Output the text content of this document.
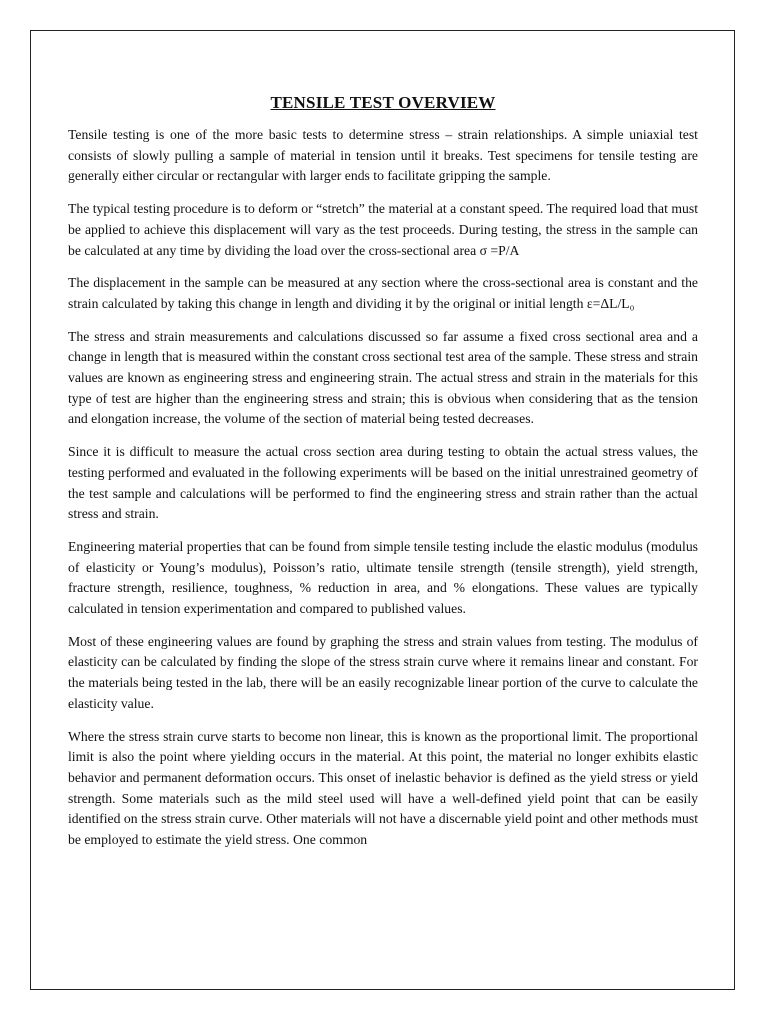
TENSILE TEST OVERVIEW

Tensile testing is one of the more basic tests to determine stress – strain relationships. A simple uniaxial test consists of slowly pulling a sample of material in tension until it breaks. Test specimens for tensile testing are generally either circular or rectangular with larger ends to facilitate gripping the sample.

The typical testing procedure is to deform or “stretch” the material at a constant speed. The required load that must be applied to achieve this displacement will vary as the test proceeds. During testing, the stress in the sample can be calculated at any time by dividing the load over the cross-sectional area σ =P/A

The displacement in the sample can be measured at any section where the cross-sectional area is constant and the strain calculated by taking this change in length and dividing it by the original or initial length ε=ΔL/L₀

The stress and strain measurements and calculations discussed so far assume a fixed cross sectional area and a change in length that is measured within the constant cross sectional test area of the sample. These stress and strain values are known as engineering stress and engineering strain. The actual stress and strain in the materials for this type of test are higher than the engineering stress and strain; this is obvious when considering that as the tension and elongation increase, the volume of the section of material being tested decreases.

Since it is difficult to measure the actual cross section area during testing to obtain the actual stress values, the testing performed and evaluated in the following experiments will be based on the initial unrestrained geometry of the test sample and calculations will be performed to find the engineering stress and strain rather than the actual stress and strain.

Engineering material properties that can be found from simple tensile testing include the elastic modulus (modulus of elasticity or Young’s modulus), Poisson’s ratio, ultimate tensile strength (tensile strength), yield strength, fracture strength, resilience, toughness, % reduction in area, and % elongations. These values are typically calculated in tension experimentation and compared to published values.

Most of these engineering values are found by graphing the stress and strain values from testing. The modulus of elasticity can be calculated by finding the slope of the stress strain curve where it remains linear and constant. For the materials being tested in the lab, there will be an easily recognizable linear portion of the curve to calculate the elasticity value.

Where the stress strain curve starts to become non linear, this is known as the proportional limit. The proportional limit is also the point where yielding occurs in the material. At this point, the material no longer exhibits elastic behavior and permanent deformation occurs. This onset of inelastic behavior is defined as the yield stress or yield strength. Some materials such as the mild steel used will have a well-defined yield point that can be easily identified on the stress strain curve. Other materials will not have a discernable yield point and other methods must be employed to estimate the yield stress. One common
